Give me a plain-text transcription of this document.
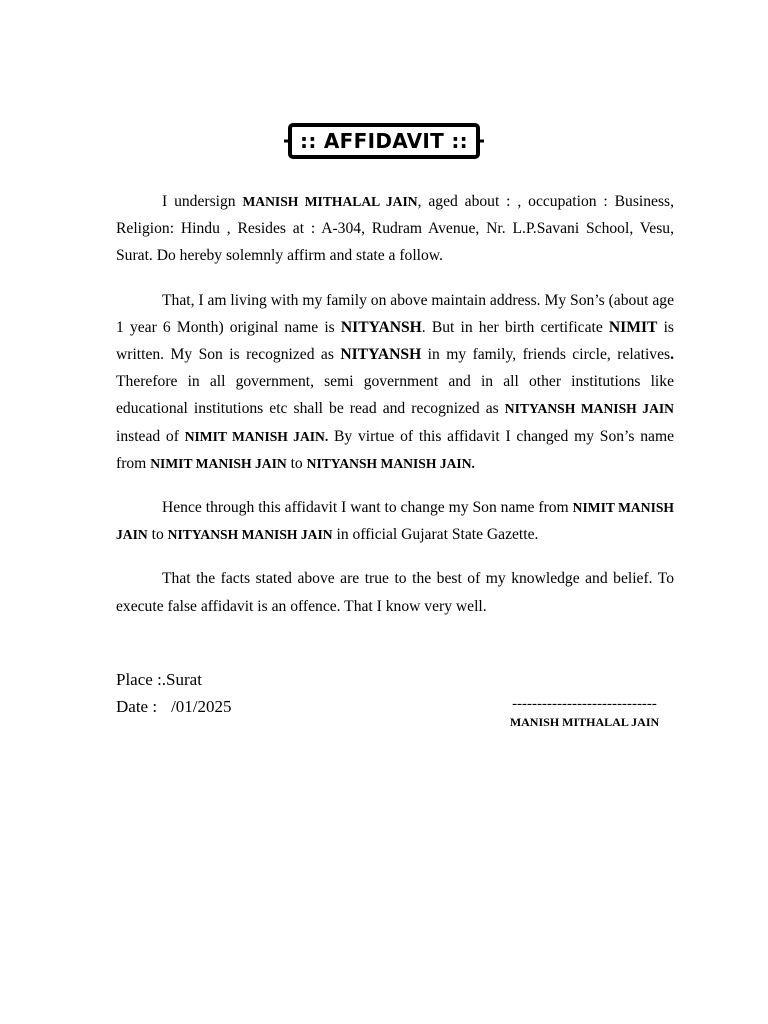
:: AFFIDAVIT ::

I undersign MANISH MITHALAL JAIN, aged about : , occupation : Business, Religion: Hindu , Resides at : A-304, Rudram Avenue, Nr. L.P.Savani School, Vesu, Surat. Do hereby solemnly affirm and state a follow.

That, I am living with my family on above maintain address. My Son’s (about age 1 year 6 Month) original name is NITYANSH. But in her birth certificate NIMIT is written. My Son is recognized as NITYANSH in my family, friends circle, relatives. Therefore in all government, semi government and in all other institutions like educational institutions etc shall be read and recognized as NITYANSH MANISH JAIN instead of NIMIT MANISH JAIN. By virtue of this affidavit I changed my Son’s name from NIMIT MANISH JAIN to NITYANSH MANISH JAIN.

Hence through this affidavit I want to change my Son name from NIMIT MANISH JAIN to NITYANSH MANISH JAIN in official Gujarat State Gazette.

That the facts stated above are true to the best of my knowledge and belief. To execute false affidavit is an offence. That I know very well.

Place :.Surat
Date : /01/2025	-----------------------------
MANISH MITHALAL JAIN
